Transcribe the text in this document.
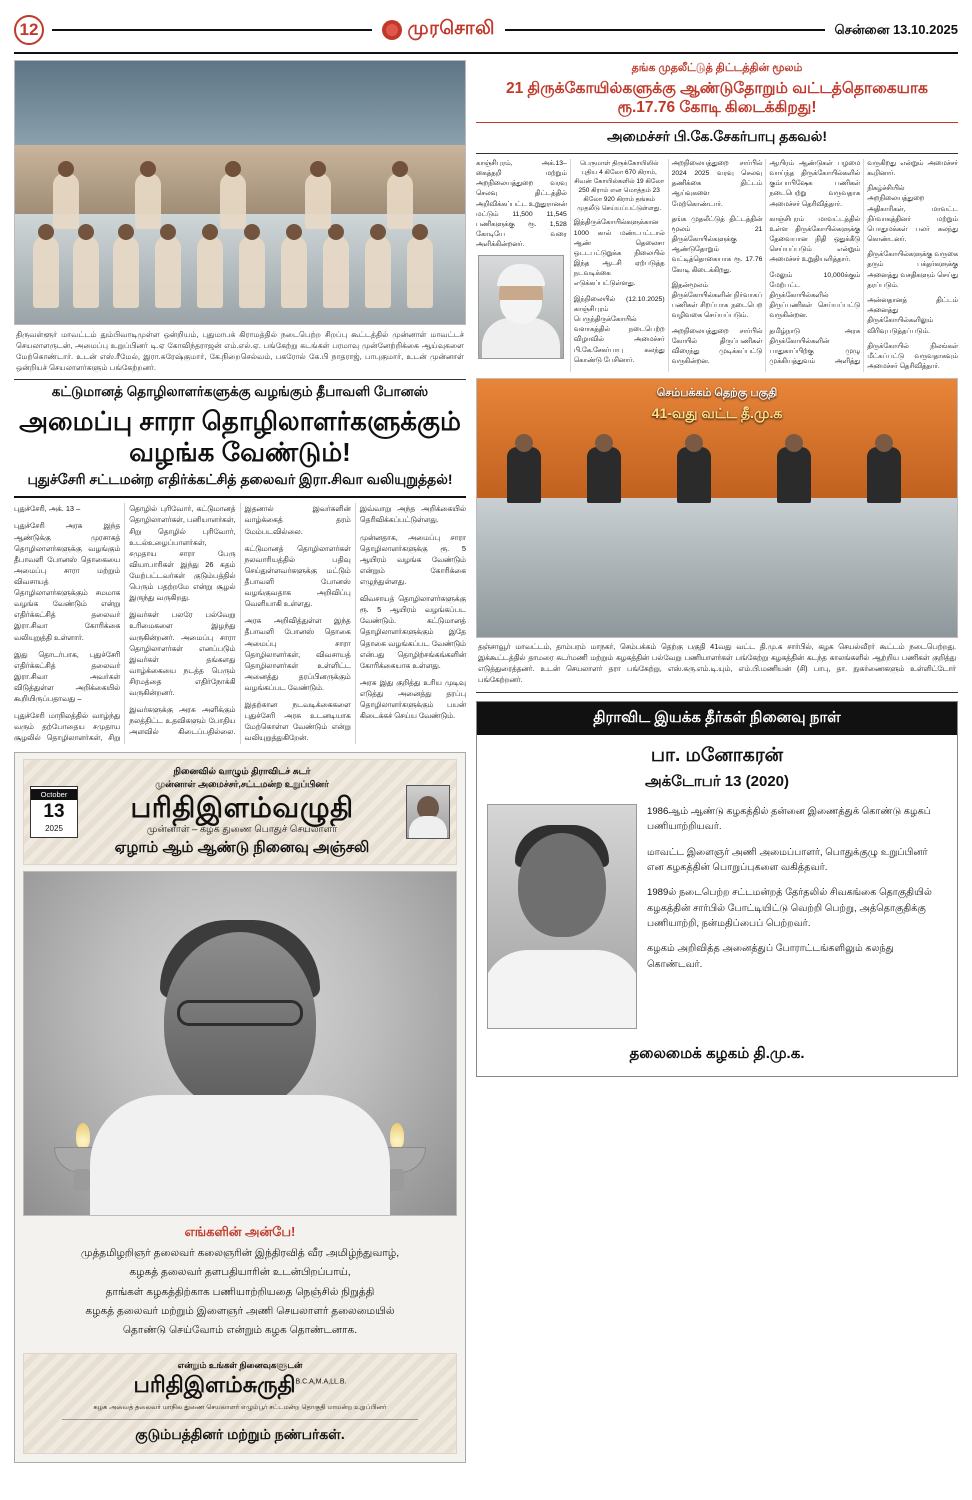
12	முரசொலி	சென்னை 13.10.2025
திருவள்ளூர் மாவட்டம் தும்பிவாடிமுள்ள ஒன்றியம், புதுமாபக் கிராமத்தில் நடைபெற்ற சிறப்பு கூட்டத்தில் முன்னாள் மாவட்டச் செயலாளருடன், அமைப்பு உறுப்பினர் டி.ஏ கோவிந்தராஜன் எம்.எல்.ஏ. பங்கேற்று கடங்கள் பரமாவு முன்னேற்றிக்கை ஆய்வுகளை மேற்கொண்டார். உடன் எஸ்.ரீமேல், இரா.சுரேஷ்குமார், கே.நிறைசெல்வம், பகரோல் கே.பி நாதராஜ், பாபுகுமார், உடன் முன்னாள் ஒன்றியச் செயலாளர்களும் பங்கேற்றனர்.
கட்டுமானத் தொழிலாளர்களுக்கு வழங்கும் தீபாவளி போனஸ்
அமைப்பு சாரா தொழிலாளர்களுக்கும் வழங்க வேண்டும்!
புதுச்சேரி சட்டமன்ற எதிர்க்கட்சித் தலைவர் இரா.சிவா வலியுறுத்தல்!

புதுச்சேரி, அக். 13 –

புதுச்சேரி அரசு இந்த ஆண்டுக்கு முரசாகத் தொழிலாளர்களுக்கு வழங்கும் தீபாவளி போனஸ் தொகையை அமைப்பு சாரா மற்றும் விவசாயத் தொழிலாளர்களுக்கும் சமமாக வழங்க வேண்டும் என்று எதிர்க்கட்சித் தலைவர் இரா.சிவா கோரிக்கை வலியுறுத்தி உள்ளார்.

இது தொடர்பாக, புதுச்சேரி எதிர்க்கட்சித் தலைவர் இரா.சிவா அவர்கள் விடுத்துள்ள அறிக்கையில் கூறியிருப்பதாவது –

புதுச்சேரி மாநிலத்தில் வாழ்ந்து வரும் தற்போதைய சமுதாய சூழலில் தொழிலாளர்கள், சிறு தொழில் புரிவோர், கட்டுமானத் தொழிலாளர்கள், பனியாளர்கள், சிறு தொழில் புரிவோர், உடல்உழைப்பாளர்கள், சமுதாய சாரா பேரு வியாபாரிகள் இந்து 26 கதம் மேற்பட்டவர்கள் குடும்பத்தில் பெரும் பதற்றமே என்று சூழல் இருந்து வருகிறது.

இவர்கள் பலரே பல்வேறு உரிமைகளை இழந்து வருகின்றனர். அமைப்பு சாரா தொழிலாளர்கள் எனப்படும் இவர்கள் தங்களது வாழ்க்கையை நடத்த பெரும் சிரமத்தை எதிர்நோக்கி வருகின்றனர்.

இவர்களுக்கு அரசு அளிக்கும் நலத்திட்ட உதவிகளும் போதிய அளவில் கிடைப்பதில்லை. இதனால் இவர்களின் வாழ்க்கைத் தரம் மேம்படவில்லை.

கட்டுமானத் தொழிலாளர்கள் நலவாரியத்தில் பதிவு செய்துள்ளவர்களுக்கு மட்டும் தீபாவளி போனஸ் வழங்குவதாக அறிவிப்பு வெளியாகி உள்ளது.

அரசு அறிவித்துள்ள இந்த தீபாவளி போனஸ் தொகை அமைப்பு சாரா தொழிலாளர்கள், விவசாயத் தொழிலாளர்கள் உள்ளிட்ட அனைத்து தரப்பினருக்கும் வழங்கப்பட வேண்டும்.

இதற்கான நடவடிக்கைகளை புதுச்சேரி அரசு உடனடியாக மேற்கொள்ள வேண்டும் என்று வலியுறுத்துகிறேன்.

இவ்வாறு அந்த அறிக்கையில் தெரிவிக்கப்பட்டுள்ளது.

முன்னதாக, அமைப்பு சாரா தொழிலாளர்களுக்கு ரூ. 5 ஆயிரம் வழங்க வேண்டும் என்றும் கோரிக்கை எழுந்துள்ளது.

விவசாயத் தொழிலாளர்களுக்கு ரூ. 5 ஆயிரம் வழங்கப்பட வேண்டும். கட்டுமானத் தொழிலாளர்களுக்கும் இதே தொகை வழங்கப்பட வேண்டும் என்பது தொழிற்சங்கங்களின் கோரிக்கையாக உள்ளது.

அரசு இது குறித்து உரிய முடிவு எடுத்து அனைத்து தரப்பு தொழிலாளர்களுக்கும் பயன் கிடைக்கச் செய்ய வேண்டும்.

October
13
2025
நினைவில் வாழும் திராவிடச் சுடர்
முன்னாள் அமைச்சர்,சட்டமன்ற உறுப்பினர்
பரிதிஇளம்வழுதி
முன்னாள் – கழக துணை பொதுச் செயலாளர்
ஏழாம் ஆம் ஆண்டு நினைவு அஞ்சலி
எங்களின் அன்பே!

முத்தமிழறிஞர் தலைவர் கலைஞரின் இந்திரவித் வீர அமிழ்ந்துவாழ்,

கழகத் தலைவர் தளபதியாரின் உடன்பிறப்பாய்,

தாங்கள் கழகத்திற்காக பணியாற்றியதை நெஞ்சில் நிறுத்தி

கழகத் தலைவர் மற்றும் இளைஞர் அணி செயலாளர் தலைமையில்

தொண்டு செய்வோம் என்றும் கழக தொண்டனாக.

என்றும் உங்கள் நினைவுகளுடன்
பரிதிஇளம்சுருதி$^{B.C.A,M.A,LL.B.}$
கழக அவைத் தலைவர் மாநில துணை செயலாளர் எழும்பூர் சட்டமன்ற தொகுதி மாமன்ற உறுப்பினர்
குடும்பத்தினர் மற்றும் நண்பர்கள்.
தங்க முதலீட்டுத் திட்டத்தின் மூலம்
21 திருக்கோயில்களுக்கு ஆண்டுதோறும் வட்டத்தொகையாக ரூ.17.76 கோடி கிடைக்கிறது!
அமைச்சர் பி.கே.சேகர்பாபு தகவல்!

காஞ்சிபுரம், அக்.13– கைத்தறி மற்றும் அறநிலையத்துறை வரவு செலவு திட்டத்தில் அறிவிக்கப்பட்ட உறுதுரானன் மட்டும் 11,500 11,545 பணிகளுக்கு ரூ. 1,528 கோடியே வரை அளிக்கின்றனர்.

பெருமாள் திருக்கோயிலில் புதிய 4 கிலோ 670 கிராம், சிவன் கோயில்களில் 19 கிலோ 250 கிராம் என மொத்தம் 23 கிலோ 920 கிராம் தங்கம் முதலீடு செய்யப்பட்டுள்ளது.

இத்திருக்கோயில்களுக்கான 1000 கால் மண்டபட்டால் ஆண் தெலைசா ஒடடபட்டுறுக்க நிலையில் இந்த ஆடசி ஏற்படுத்த நடவடிக்கை எடுக்கப்பட்டுள்ளது.

இந்நிலையில் (12.10.2025) காஞ்சிபுரம் பெருந்திருக்கோயில் வளாகத்தில் நடைபெற்ற விழாவில் அமைச்சர் பி.கே.சேகர்பாபு கலந்து கொண்டு பேசினார்.

அறநிலையத்துறை சார்பில் 2024 2025 வரவு செலவு தணிக்கை திட்டம் ஆய்வுகளை மேற்கொண்டார்.

தங்க முதலீட்டுத் திட்டத்தின் மூலம் 21 திருக்கோயில்களுக்கு ஆண்டுதோறும் வட்டித்தொகையாக ரூ. 17.76 கோடி கிடைக்கிறது.

இதன்மூலம் திருக்கோயில்களின் நிர்வாகப் பணிகள் சிறப்பாக நடைபெற வழிவகை செய்யப்படும்.

அறநிலையத்துறை சார்பில் கோயில் திருப்பணிகள் விரைந்து முடிக்கப்பட்டு வருகின்றன.

ஆயிரம் ஆண்டுகள் பழமை வாய்ந்த திருக்கோயில்களில் கும்பாபிஷேக பணிகள் நடைபெற்று வருவதாக அமைச்சர் தெரிவித்தார்.

காஞ்சிபுரம் மாவட்டத்தில் உள்ள திருக்கோயில்களுக்கு தேவையான நிதி ஒதுக்கீடு செய்யப்படும் என்றும் அமைச்சர் உறுதியளித்தார்.

மேலும் 10,000க்கும் மேற்பட்ட திருக்கோயில்களில் திருப்பணிகள் செய்யப்பட்டு வருகின்றன.

தமிழ்நாடு அரசு திருக்கோயில்களின் பாதுகாப்பிற்கு முழு முக்கியத்துவம் அளித்து வருகிறது என்றும் அமைச்சர் கூறினார்.

நிகழ்ச்சியில் அறநிலையத்துறை அதிகாரிகள், மாவட்ட நிர்வாகத்தினர் மற்றும் பொதுமக்கள் பலர் கலந்து கொண்டனர்.

திருக்கோயில்களுக்கு வருகை தரும் பக்தர்களுக்கு அனைத்து வசதிகளும் செய்து தரப்படும்.

அன்னதானத் திட்டம் அனைத்து திருக்கோயில்களிலும் விரிவுபடுத்தப்படும்.

திருக்கோயில் நிலங்கள் மீட்கப்பட்டு வருவதாகவும் அமைச்சர் தெரிவித்தார்.

செம்பக்கம் தெற்கு பகுதி
41-வது வட்ட தீ.மு.க
தஞ்சாவூர் மாவட்டம், தாம்பரம் மாநகர், செம்பக்கம் தெற்கு பகுதி 41வது வட்ட தி.மு.க சார்பில், கழக செயல்வீரர் கூட்டம் நடைபெற்றது. இக்கூட்டத்தில் தாமரை சுடர்மணி மற்றும் கழகத்தின் பல்வேறு பணியாளர்கள் பங்கேற்று கழகத்தின் கடந்த காலங்களில் ஆற்றிய பணிகள் குறித்து எடுத்துரைத்தனர். உடன் செயலாளர் தரா பங்கேற்று, எஸ்.கரு.எம்.டி.யும், எம்.பி.மணியன் (சி) பாபு, தா. நுகர்ணைகளும் உள்ளிட்டோர் பங்கேற்றனர்.
திராவிட இயக்க தீர்கள் நினைவு நாள்
பா. மனோகரன்
அக்டோபர் 13 (2020)

1986ஆம் ஆண்டு கழகத்தில் தன்னை இணைத்துக் கொண்டு கழகப் பணியாற்றியவர்.

மாவட்ட இளைஞர் அணி அமைப்பாளர், பொதுக்குழு உறுப்பினர் என கழகத்தின் பொறுப்புகளை வகித்தவர்.

1989ல் நடைபெற்ற சட்டமன்றத் தேர்தலில் சிவகங்கை தொகுதியில் கழகத்தின் சார்பில் போட்டியிட்டு வெற்றி பெற்று, அத்தொகுதிக்கு பணியாற்றி, நன்மதிப்பைப் பெற்றவர்.

கழகம் அறிவித்த அனைத்துப் போராட்டங்களிலும் கலந்து கொண்டவர்.

தலைமைக் கழகம் தி.மு.க.
